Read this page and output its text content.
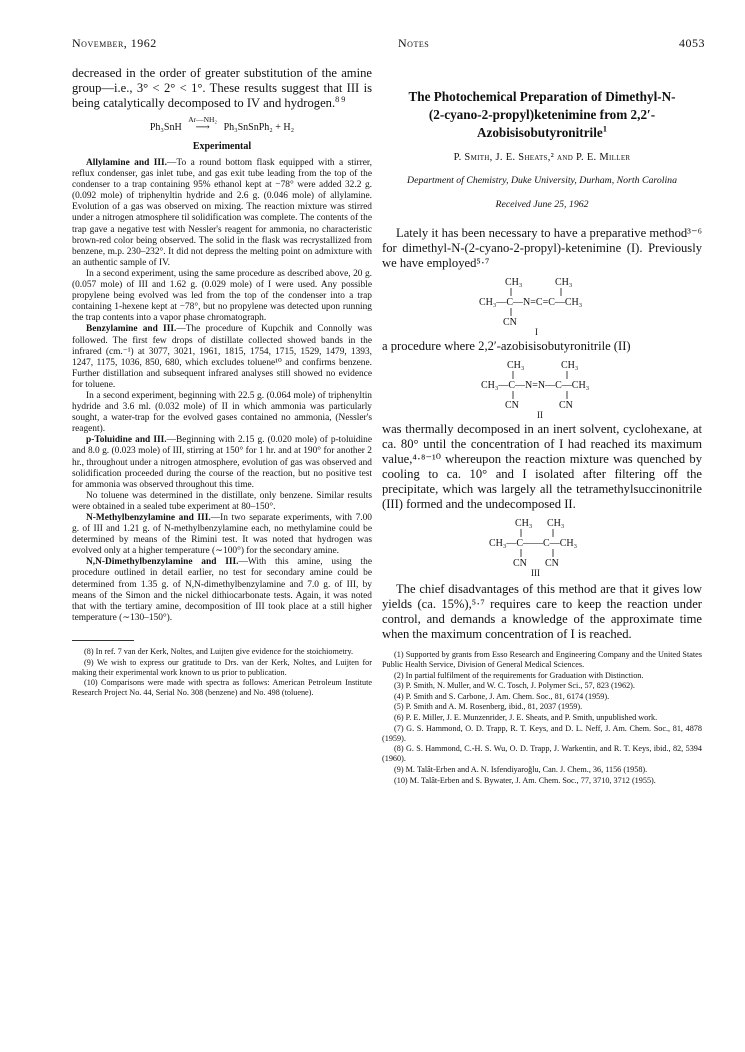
November, 1962	Notes	4053

decreased in the order of greater substitution of the amine group—i.e., 3° < 2° < 1°. These results suggest that III is being catalytically decomposed to IV and hydrogen.$^{8 9}$

Ph₃SnH
Ar—NH₂
⟶ Ph₃SnSnPh₂ + H₂
Experimental

Allylamine and III.—To a round bottom flask equipped with a stirrer, reflux condenser, gas inlet tube, and gas exit tube leading from the top of the condenser to a trap containing 95% ethanol kept at −78° were added 32.2 g. (0.092 mole) of triphenyltin hydride and 2.6 g. (0.046 mole) of allylamine. Evolution of a gas was observed on mixing. The reaction mixture was stirred under a nitrogen atmosphere til solidification was complete. The contents of the trap gave a negative test with Nessler's reagent for ammonia, no characteristic brown-red color being observed. The solid in the flask was recrystallized from benzene, m.p. 230–232°. It did not depress the melting point on admixture with an authentic sample of IV.

In a second experiment, using the same procedure as described above, 20 g. (0.057 mole) of III and 1.62 g. (0.029 mole) of I were used. Any possible propylene being evolved was led from the top of the condenser into a trap containing 1-hexene kept at −78°, but no propylene was detected upon running the trap contents into a vapor phase chromatograph.

Benzylamine and III.—The procedure of Kupchik and Connolly was followed. The first few drops of distillate collected showed bands in the infrared (cm.⁻¹) at 3077, 3021, 1961, 1815, 1754, 1715, 1529, 1479, 1393, 1247, 1175, 1036, 850, 680, which excludes toluene¹⁰ and confirms benzene. Further distillation and subsequent infrared analyses still showed no evidence for toluene.

In a second experiment, beginning with 22.5 g. (0.064 mole) of triphenyltin hydride and 3.6 ml. (0.032 mole) of II in which ammonia was particularly sought, a water-trap for the evolved gases contained no ammonia, (Nessler's reagent).

p-Toluidine and III.—Beginning with 2.15 g. (0.020 mole) of p-toluidine and 8.0 g. (0.023 mole) of III, stirring at 150° for 1 hr. and at 190° for another 2 hr., throughout under a nitrogen atmosphere, evolution of gas was observed and solidification proceeded during the course of the reaction, but no positive test for ammonia was observed throughout this time.

No toluene was determined in the distillate, only benzene. Similar results were obtained in a sealed tube experiment at 80–150°.

N-Methylbenzylamine and III.—In two separate experiments, with 7.00 g. of III and 1.21 g. of N-methylbenzylamine each, no methylamine could be determined by means of the Rimini test. It was noted that hydrogen was evolved only at a higher temperature (∼100°) for the secondary amine.

N,N-Dimethylbenzylamine and III.—With this amine, using the procedure outlined in detail earlier, no test for secondary amine could be determined from 1.35 g. of N,N-dimethylbenzylamine and 7.0 g. of III, by means of the Simon and the nickel dithiocarbonate tests. Again, it was noted that with the tertiary amine, decomposition of III took place at a still higher temperature (∼130–150°).

(8) In ref. 7 van der Kerk, Noltes, and Luijten give evidence for the stoichiometry.

(9) We wish to express our gratitude to Drs. van der Kerk, Noltes, and Luijten for making their experimental work known to us prior to publication.

(10) Comparisons were made with spectra as follows: American Petroleum Institute Research Project No. 44, Serial No. 308 (benzene) and No. 498 (toluene).

The Photochemical Preparation of Dimethyl-N-(2-cyano-2-propyl)ketenimine from 2,2′-Azobisisobutyronitrile$^1$
P. Smith, J. E. Sheats,² and P. E. Miller
Department of Chemistry, Duke University, Durham, North Carolina
Received June 25, 1962

Lately it has been necessary to have a preparative method³⁻⁶ for dimethyl-N-(2-cyano-2-propyl)-ketenimine (I). Previously we have employed⁵·⁷

CH₃	CH₃
CH₃—C—N=C=C—CH₃
CN
I

a procedure where 2,2′-azobisisobutyronitrile (II)

CH₃	CH₃
CH₃—C—N=N—C—CH₃
CN	CN
II

was thermally decomposed in an inert solvent, cyclohexane, at ca. 80° until the concentration of I had reached its maximum value,⁴·⁸⁻¹⁰ whereupon the reaction mixture was quenched by cooling to ca. 10° and I isolated after filtering off the precipitate, which was largely all the tetramethylsuccinonitrile (III) formed and the undecomposed II.

CH₃ CH₃
CH₃—C——C—CH₃
CN CN
III

The chief disadvantages of this method are that it gives low yields (ca. 15%),⁵·⁷ requires care to keep the reaction under control, and demands a knowledge of the approximate time when the maximum concentration of I is reached.

(1) Supported by grants from Esso Research and Engineering Company and the United States Public Health Service, Division of General Medical Sciences.

(2) In partial fulfilment of the requirements for Graduation with Distinction.

(3) P. Smith, N. Muller, and W. C. Tosch, J. Polymer Sci., 57, 823 (1962).

(4) P. Smith and S. Carbone, J. Am. Chem. Soc., 81, 6174 (1959).

(5) P. Smith and A. M. Rosenberg, ibid., 81, 2037 (1959).

(6) P. E. Miller, J. E. Munzenrider, J. E. Sheats, and P. Smith, unpublished work.

(7) G. S. Hammond, O. D. Trapp, R. T. Keys, and D. L. Neff, J. Am. Chem. Soc., 81, 4878 (1959).

(8) G. S. Hammond, C.-H. S. Wu, O. D. Trapp, J. Warkentin, and R. T. Keys, ibid., 82, 5394 (1960).

(9) M. Talât-Erben and A. N. Isfendiyaroğlu, Can. J. Chem., 36, 1156 (1958).

(10) M. Talât-Erben and S. Bywater, J. Am. Chem. Soc., 77, 3710, 3712 (1955).
